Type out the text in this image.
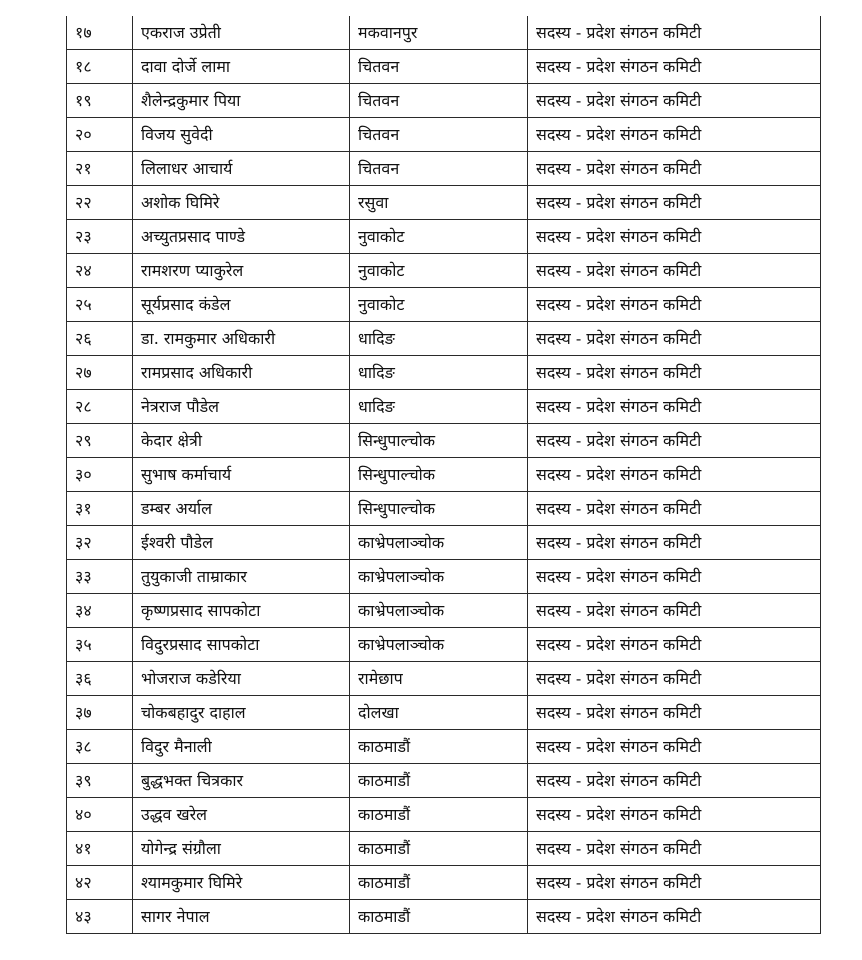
१७	एकराज उप्रेती	मकवानपुर	सदस्य - प्रदेश संगठन कमिटी
१८	दावा दोर्जे लामा	चितवन	सदस्य - प्रदेश संगठन कमिटी
१९	शैलेन्द्रकुमार पिया	चितवन	सदस्य - प्रदेश संगठन कमिटी
२०	विजय सुवेदी	चितवन	सदस्य - प्रदेश संगठन कमिटी
२१	लिलाधर आचार्य	चितवन	सदस्य - प्रदेश संगठन कमिटी
२२	अशोक घिमिरे	रसुवा	सदस्य - प्रदेश संगठन कमिटी
२३	अच्युतप्रसाद पाण्डे	नुवाकोट	सदस्य - प्रदेश संगठन कमिटी
२४	रामशरण प्याकुरेल	नुवाकोट	सदस्य - प्रदेश संगठन कमिटी
२५	सूर्यप्रसाद कंडेल	नुवाकोट	सदस्य - प्रदेश संगठन कमिटी
२६	डा. रामकुमार अधिकारी	धादिङ	सदस्य - प्रदेश संगठन कमिटी
२७	रामप्रसाद अधिकारी	धादिङ	सदस्य - प्रदेश संगठन कमिटी
२८	नेत्रराज पौडेल	धादिङ	सदस्य - प्रदेश संगठन कमिटी
२९	केदार क्षेत्री	सिन्धुपाल्चोक	सदस्य - प्रदेश संगठन कमिटी
३०	सुभाष कर्माचार्य	सिन्धुपाल्चोक	सदस्य - प्रदेश संगठन कमिटी
३१	डम्बर अर्याल	सिन्धुपाल्चोक	सदस्य - प्रदेश संगठन कमिटी
३२	ईश्वरी पौडेल	काभ्रेपलाञ्चोक	सदस्य - प्रदेश संगठन कमिटी
३३	तुयुकाजी ताम्राकार	काभ्रेपलाञ्चोक	सदस्य - प्रदेश संगठन कमिटी
३४	कृष्णप्रसाद सापकोटा	काभ्रेपलाञ्चोक	सदस्य - प्रदेश संगठन कमिटी
३५	विदुरप्रसाद सापकोटा	काभ्रेपलाञ्चोक	सदस्य - प्रदेश संगठन कमिटी
३६	भोजराज कडेरिया	रामेछाप	सदस्य - प्रदेश संगठन कमिटी
३७	चोकबहादुर दाहाल	दोलखा	सदस्य - प्रदेश संगठन कमिटी
३८	विदुर मैनाली	काठमाडौं	सदस्य - प्रदेश संगठन कमिटी
३९	बुद्धभक्त चित्रकार	काठमाडौं	सदस्य - प्रदेश संगठन कमिटी
४०	उद्धव खरेल	काठमाडौं	सदस्य - प्रदेश संगठन कमिटी
४१	योगेन्द्र संग्रौला	काठमाडौं	सदस्य - प्रदेश संगठन कमिटी
४२	श्यामकुमार घिमिरे	काठमाडौं	सदस्य - प्रदेश संगठन कमिटी
४३	सागर नेपाल	काठमाडौं	सदस्य - प्रदेश संगठन कमिटी
